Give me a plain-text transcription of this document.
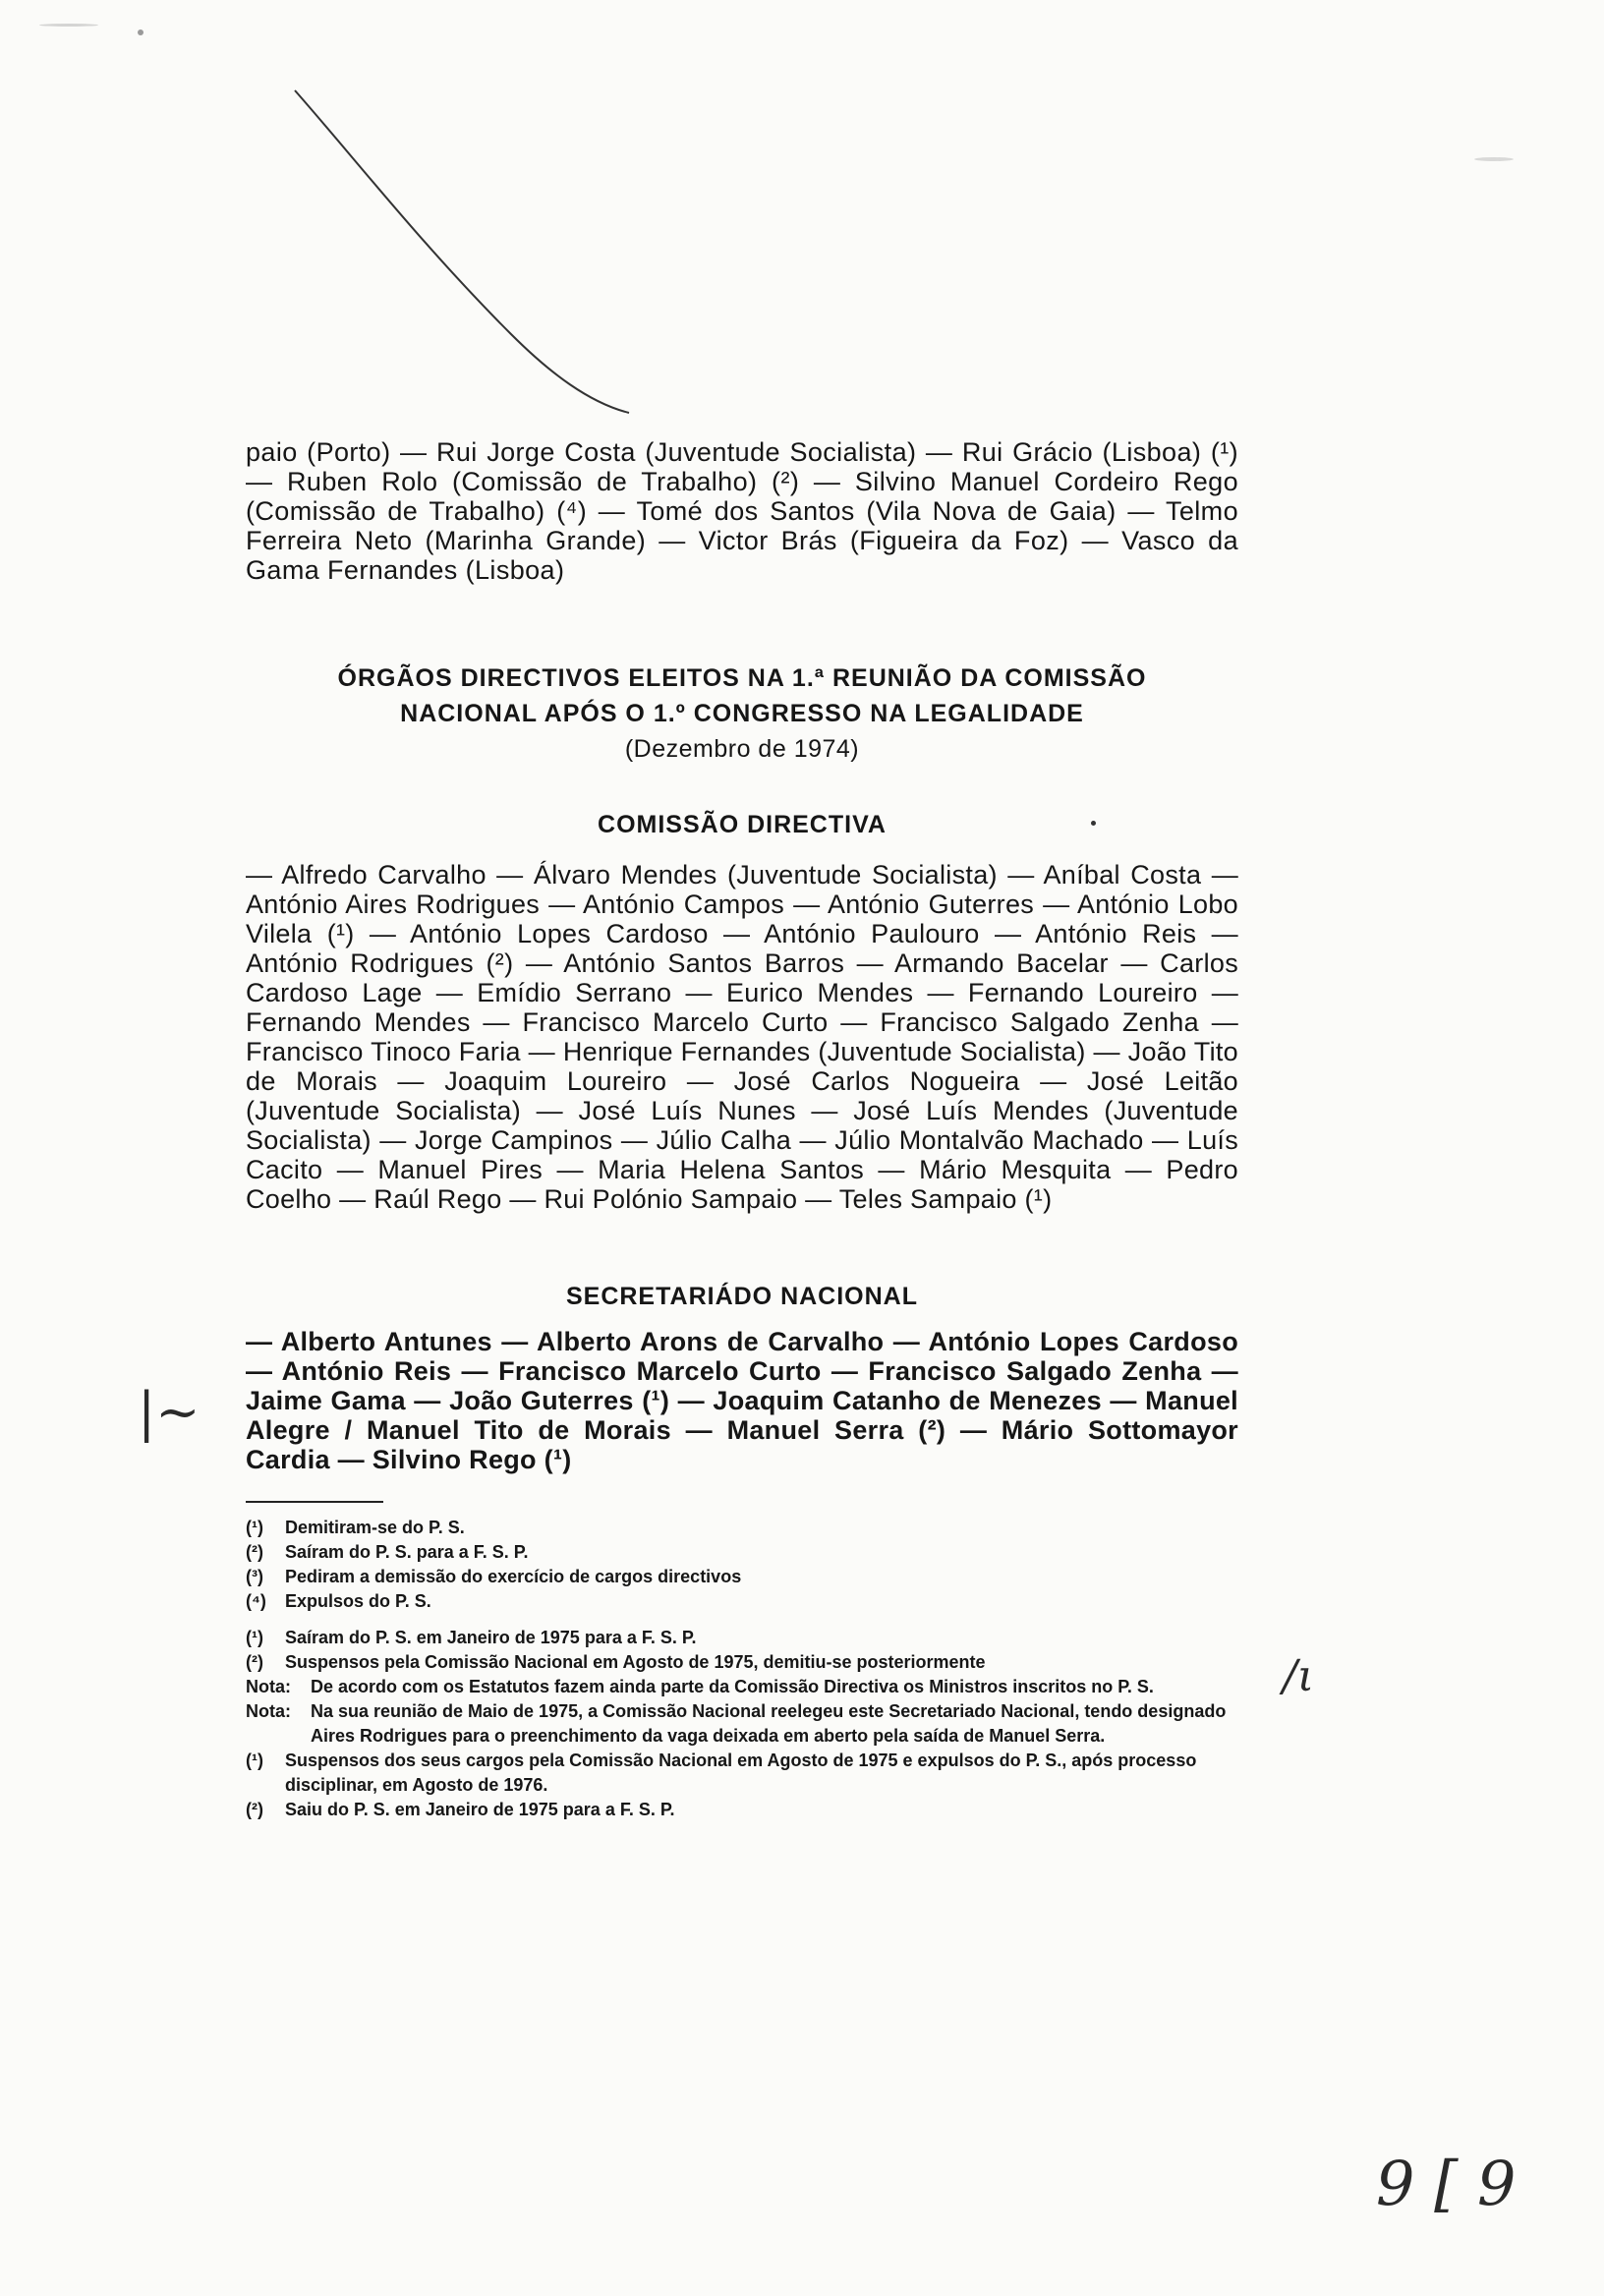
paio (Porto) — Rui Jorge Costa (Juventude Socialista) — Rui Grácio (Lisboa) (¹) — Ruben Rolo (Comissão de Trabalho) (²) — Silvino Manuel Cordeiro Rego (Comissão de Trabalho) (⁴) — Tomé dos Santos (Vila Nova de Gaia) — Telmo Ferreira Neto (Marinha Grande) — Victor Brás (Figueira da Foz) — Vasco da Gama Fernandes (Lisboa)

ÓRGÃOS DIRECTIVOS ELEITOS NA 1.ª REUNIÃO DA COMISSÃO
NACIONAL APÓS O 1.º CONGRESSO NA LEGALIDADE
(Dezembro de 1974)
COMISSÃO DIRECTIVA
— Alfredo Carvalho — Álvaro Mendes (Juventude Socialista) — Aníbal Costa — António Aires Rodrigues — António Campos — António Guterres — António Lobo Vilela (¹) — António Lopes Cardoso — António Paulouro — António Reis — António Rodrigues (²) — António Santos Barros — Armando Bacelar — Carlos Cardoso Lage — Emídio Serrano — Eurico Mendes — Fernando Loureiro — Fernando Mendes — Francisco Marcelo Curto — Francisco Salgado Zenha — Francisco Tinoco Faria — Henrique Fernandes (Juventude Socialista) — João Tito de Morais — Joaquim Loureiro — José Carlos Nogueira — José Leitão (Juventude Socialista) — José Luís Nunes — José Luís Mendes (Juventude Socialista) — Jorge Campinos — Júlio Calha — Júlio Montalvão Machado — Luís Cacito — Manuel Pires — Maria Helena Santos — Mário Mesquita — Pedro Coelho — Raúl Rego — Rui Polónio Sampaio — Teles Sampaio (¹)
SECRETARIÁDO NACIONAL
— Alberto Antunes — Alberto Arons de Carvalho — António Lopes Cardoso — António Reis — Francisco Marcelo Curto — Francisco Salgado Zenha — Jaime Gama — João Guterres (¹) — Joaquim Catanho de Menezes — Manuel Alegre / Manuel Tito de Morais — Manuel Serra (²) — Mário Sottomayor Cardia — Silvino Rego (¹)
(¹)	Demitiram-se do P. S.
(²)	Saíram do P. S. para a F. S. P.
(³)	Pediram a demissão do exercício de cargos directivos
(⁴)	Expulsos do P. S.
(¹)	Saíram do P. S. em Janeiro de 1975 para a F. S. P.
(²)	Suspensos pela Comissão Nacional em Agosto de 1975, demitiu-se posteriormente
Nota:	De acordo com os Estatutos fazem ainda parte da Comissão Directiva os Ministros inscritos no P. S.
Nota:	Na sua reunião de Maio de 1975, a Comissão Nacional reelegeu este Secretariado Nacional, tendo designado Aires Rodrigues para o preenchimento da vaga deixada em aberto pela saída de Manuel Serra.
(¹)	Suspensos dos seus cargos pela Comissão Nacional em Agosto de 1975 e expulsos do P. S., após processo disciplinar, em Agosto de 1976.
(²)	Saiu do P. S. em Janeiro de 1975 para a F. S. P.
|~
/ι
9 [ 9
